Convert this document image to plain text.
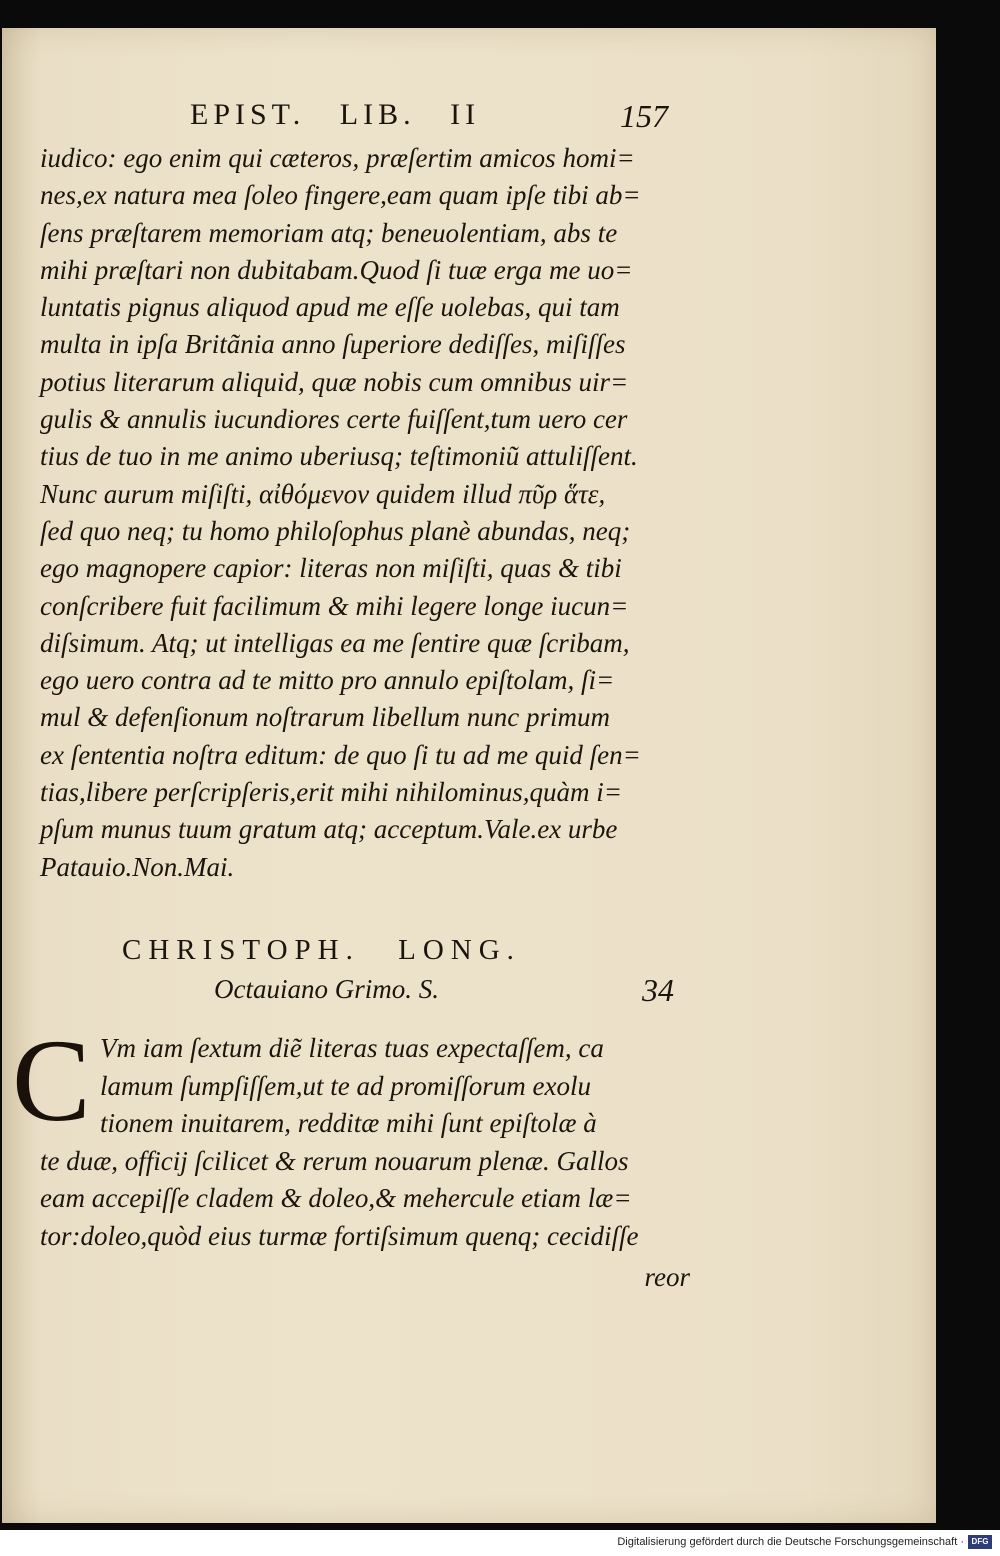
EPIST. LIB. II	157
iudico: ego enim qui cæteros, præſertim amicos homi=
nes,ex natura mea ſoleo fingere,eam quam ipſe tibi ab=
ſens præſtarem memoriam atq; beneuolentiam, abs te
mihi præſtari non dubitabam.Quod ſi tuæ erga me uo=
luntatis pignus aliquod apud me eſſe uolebas, qui tam
multa in ipſa Britãnia anno ſuperiore dediſſes, miſiſſes
potius literarum aliquid, quæ nobis cum omnibus uir=
gulis & annulis iucundiores certe fuiſſent,tum uero cer
tius de tuo in me animo uberiusq; teſtimoniũ attuliſſent.
Nunc aurum miſiſti, αἰθόμενον quidem illud πῦρ ἅτε,
ſed quo neq; tu homo philoſophus planè abundas, neq;
ego magnopere capior: literas non miſiſti, quas & tibi
conſcribere fuit facilimum & mihi legere longe iucun=
diſsimum. Atq; ut intelligas ea me ſentire quæ ſcribam,
ego uero contra ad te mitto pro annulo epiſtolam, ſi=
mul & defenſionum noſtrarum libellum nunc primum
ex ſententia noſtra editum: de quo ſi tu ad me quid ſen=
tias,libere perſcripſeris,erit mihi nihilominus,quàm i=
pſum munus tuum gratum atq; acceptum.Vale.ex urbe
Patauio.Non.Mai.
CHRISTOPH. LONG.
Octauiano Grimo. S.	34
C Vm iam ſextum diẽ literas tuas expectaſſem, ca
lamum ſumpſiſſem,ut te ad promiſſorum exolu
tionem inuitarem, redditæ mihi ſunt epiſtolæ à
te duæ, officij ſcilicet & rerum nouarum plenæ. Gallos
eam accepiſſe cladem & doleo,& mehercule etiam læ=
tor:doleo,quòd eius turmæ fortiſsimum quenq; cecidiſſe
reor
Digitalisierung gefördert durch die Deutsche Forschungsgemeinschaft · DFG
